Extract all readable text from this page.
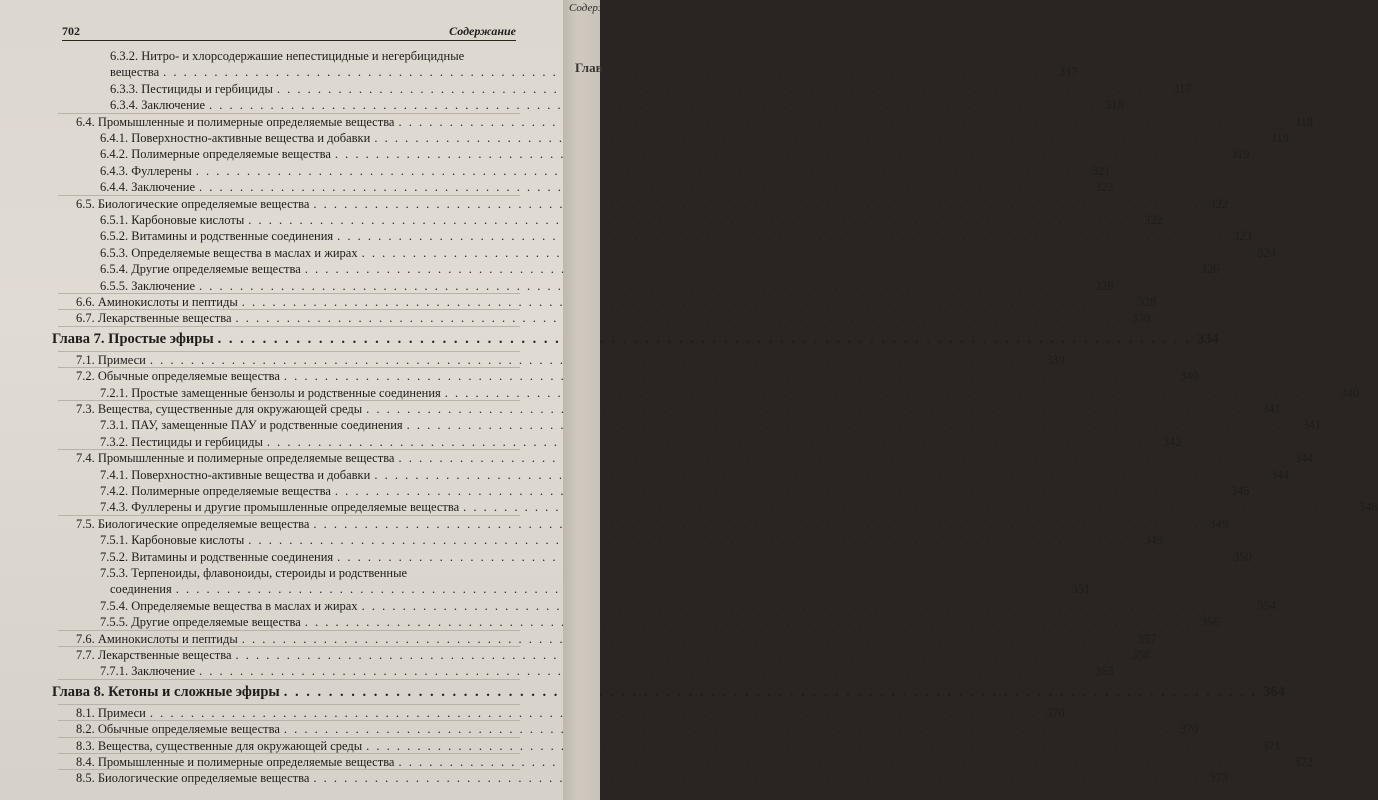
702	Содержание
6.3.2. Нитро- и хлорсодержашие непестицидные и негербицидные
вещества . . .	317
6.3.3. Пестициды и гербициды . . .	317
6.3.4. Заключение . . .	318
6.4. Промышленные и полимерные определяемые вещества . . .	318
6.4.1. Поверхностно-активные вещества и добавки . . .	319
6.4.2. Полимерные определяемые вещества . . .	319
6.4.3. Фуллерены . . .	321
6.4.4. Заключение . . .	322
6.5. Биологические определяемые вещества . . .	322
6.5.1. Карбоновые кислоты . . .	322
6.5.2. Витамины и родственные соединения . . .	323
6.5.3. Определяемые вещества в маслах и жирах . . .	324
6.5.4. Другие определяемые вещества . . .	326
6.5.5. Заключение . . .	328
6.6. Аминокислоты и пептиды . . .	328
6.7. Лекарственные вещества . . .	330
Глава 7. Простые эфиры . . .	334
7.1. Примеси . . .	339
7.2. Обычные определяемые вещества . . .	340
7.2.1. Простые замещенные бензолы и родственные соединения . . .	340
7.3. Вещества, существенные для окружающей среды . . .	341
7.3.1. ПАУ, замещенные ПАУ и родственные соединения . . .	341
7.3.2. Пестициды и гербициды . . .	342
7.4. Промышленные и полимерные определяемые вещества . . .	344
7.4.1. Поверхностно-активные вещества и добавки . . .	344
7.4.2. Полимерные определяемые вещества . . .	345
7.4.3. Фуллерены и другие промышленные определяемые вещества . . .	348
7.5. Биологические определяемые вещества . . .	349
7.5.1. Карбоновые кислоты . . .	349
7.5.2. Витамины и родственные соединения . . .	350
7.5.3. Терпеноиды, флавоноиды, стероиды и родственные
соединения . . .	351
7.5.4. Определяемые вещества в маслах и жирах . . .	354
7.5.5. Другие определяемые вещества . . .	356
7.6. Аминокислоты и пептиды . . .	357
7.7. Лекарственные вещества . . .	358
7.7.1. Заключение . . .	363
Глава 8. Кетоны и сложные эфиры . . .	364
8.1. Примеси . . .	370
8.2. Обычные определяемые вещества . . .	370
8.3. Вещества, существенные для окружающей среды . . .	371
8.4. Промышленные и полимерные определяемые вещества . . .	372
8.5. Биологические определяемые вещества . . .	373
Содерж
Глав
